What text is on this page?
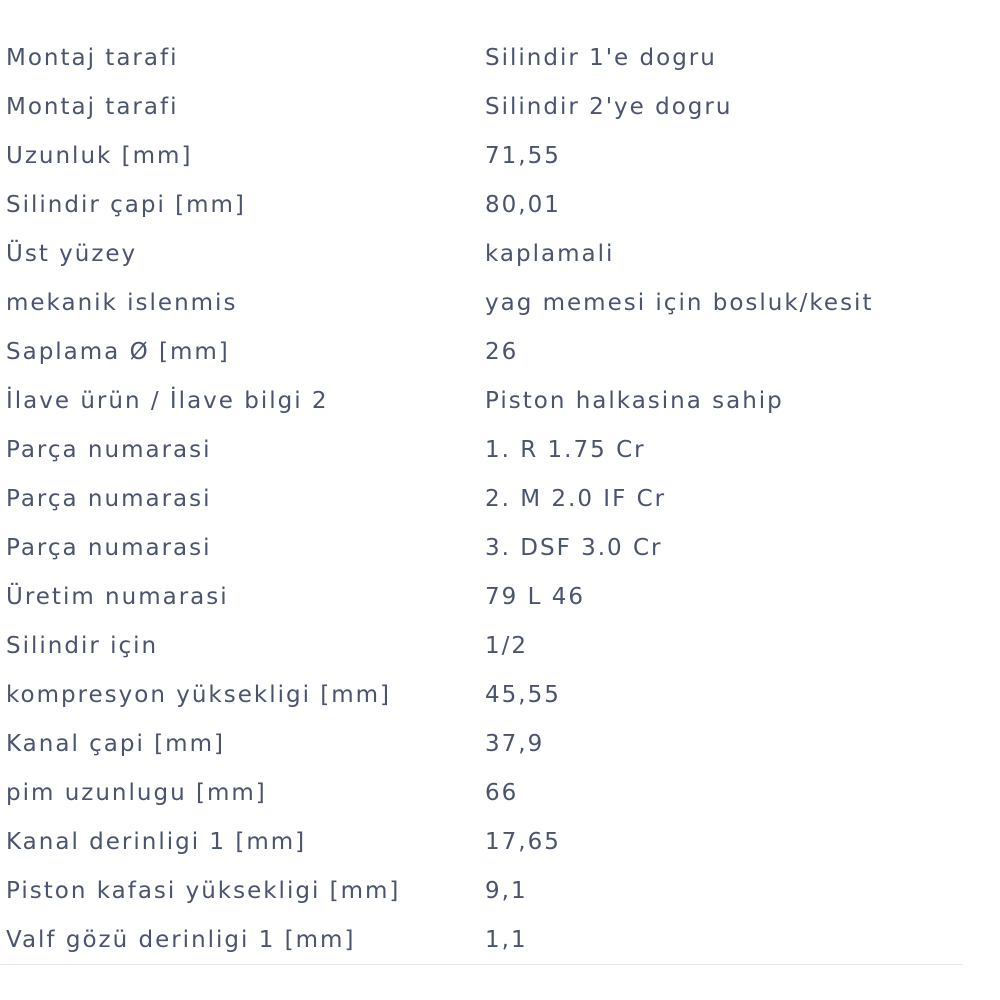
Montaj tarafi	Silindir 1'e dogru
Montaj tarafi	Silindir 2'ye dogru
Uzunluk [mm]	71,55
Silindir çapi [mm]	80,01
Üst yüzey	kaplamali
mekanik islenmis	yag memesi için bosluk/kesit
Saplama Ø [mm]	26
İlave ürün / İlave bilgi 2	Piston halkasina sahip
Parça numarasi	1. R 1.75 Cr
Parça numarasi	2. M 2.0 IF Cr
Parça numarasi	3. DSF 3.0 Cr
Üretim numarasi	79 L 46
Silindir için	1/2
kompresyon yüksekligi [mm]	45,55
Kanal çapi [mm]	37,9
pim uzunlugu [mm]	66
Kanal derinligi 1 [mm]	17,65
Piston kafasi yüksekligi [mm]	9,1
Valf gözü derinligi 1 [mm]	1,1
